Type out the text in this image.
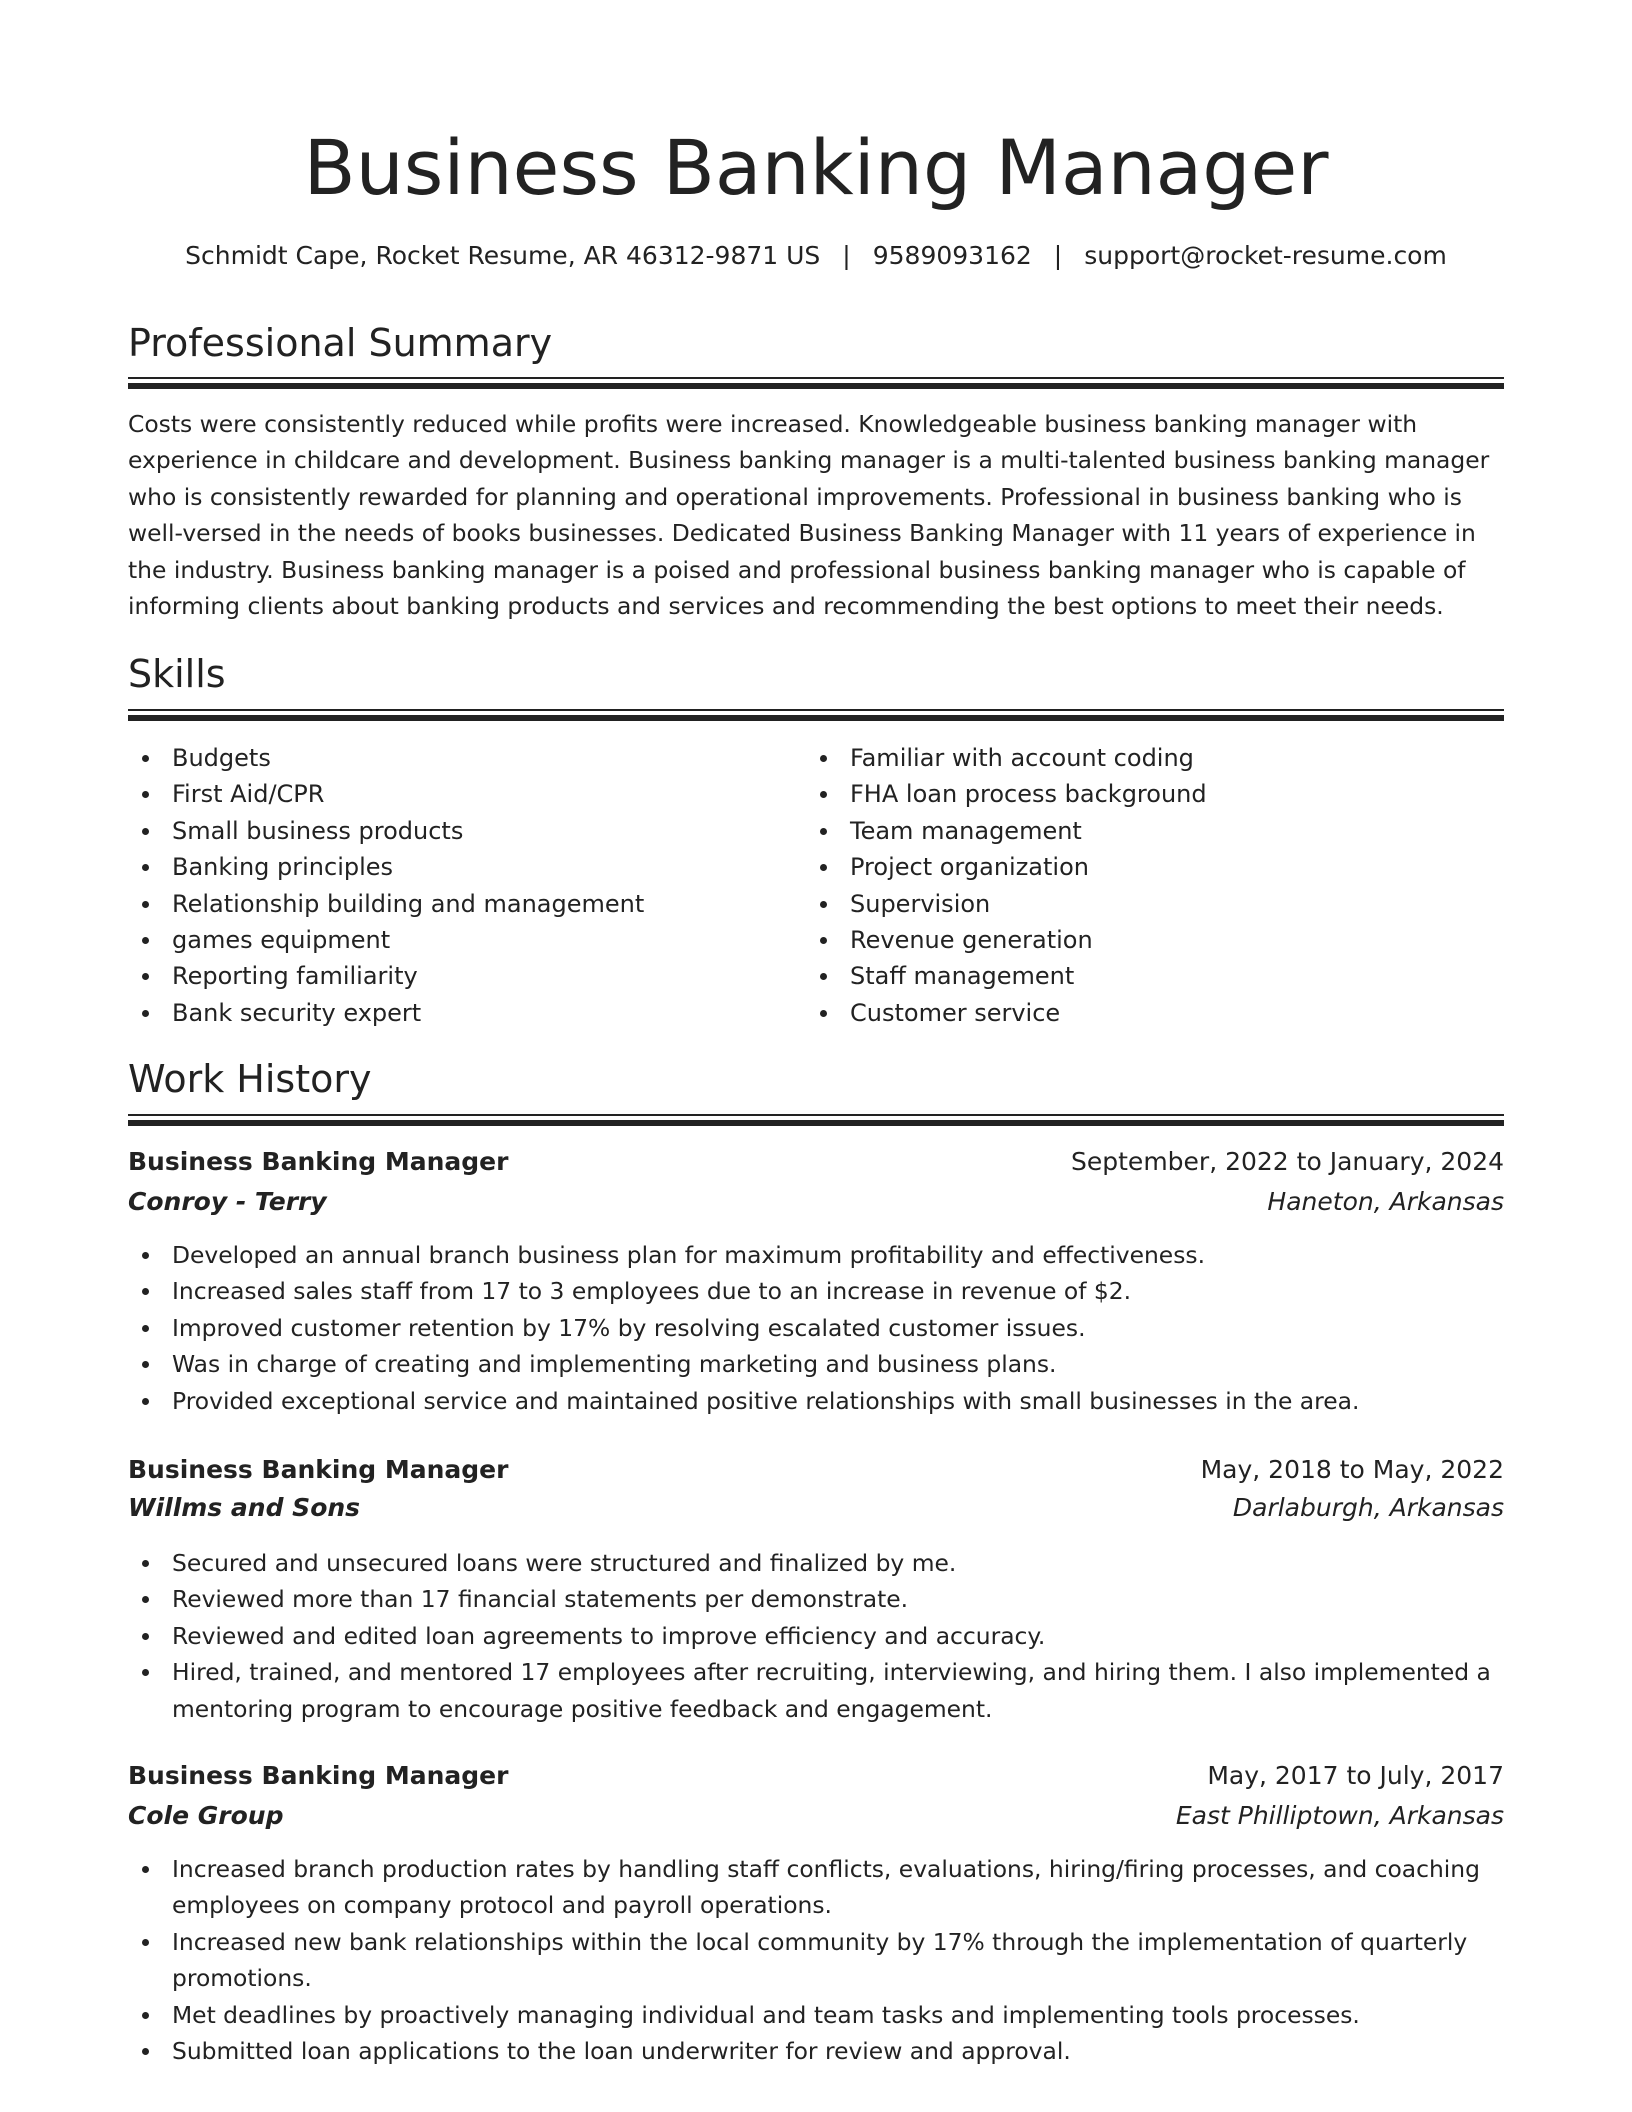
Business Banking Manager
Schmidt Cape, Rocket Resume, AR 46312-9871 US | 9589093162 | support@rocket-resume.com
Professional Summary
Costs were consistently reduced while profits were increased. Knowledgeable business banking manager with experience in childcare and development. Business banking manager is a multi-talented business banking manager who is consistently rewarded for planning and operational improvements. Professional in business banking who is well-versed in the needs of books businesses. Dedicated Business Banking Manager with 11 years of experience in the industry. Business banking manager is a poised and professional business banking manager who is capable of informing clients about banking products and services and recommending the best options to meet their needs.
Skills
Budgets
First Aid/CPR
Small business products
Banking principles
Relationship building and management
games equipment
Reporting familiarity
Bank security expert
Familiar with account coding
FHA loan process background
Team management
Project organization
Supervision
Revenue generation
Staff management
Customer service
Work History
Business Banking Manager	September, 2022 to January, 2024
Conroy - Terry	Haneton, Arkansas
Developed an annual branch business plan for maximum profitability and effectiveness.
Increased sales staff from 17 to 3 employees due to an increase in revenue of $2.
Improved customer retention by 17% by resolving escalated customer issues.
Was in charge of creating and implementing marketing and business plans.
Provided exceptional service and maintained positive relationships with small businesses in the area.
Business Banking Manager	May, 2018 to May, 2022
Willms and Sons	Darlaburgh, Arkansas
Secured and unsecured loans were structured and finalized by me.
Reviewed more than 17 financial statements per demonstrate.
Reviewed and edited loan agreements to improve efficiency and accuracy.
Hired, trained, and mentored 17 employees after recruiting, interviewing, and hiring them. I also implemented a mentoring program to encourage positive feedback and engagement.
Business Banking Manager	May, 2017 to July, 2017
Cole Group	East Philliptown, Arkansas
Increased branch production rates by handling staff conflicts, evaluations, hiring/firing processes, and coaching employees on company protocol and payroll operations.
Increased new bank relationships within the local community by 17% through the implementation of quarterly promotions.
Met deadlines by proactively managing individual and team tasks and implementing tools processes.
Submitted loan applications to the loan underwriter for review and approval.
